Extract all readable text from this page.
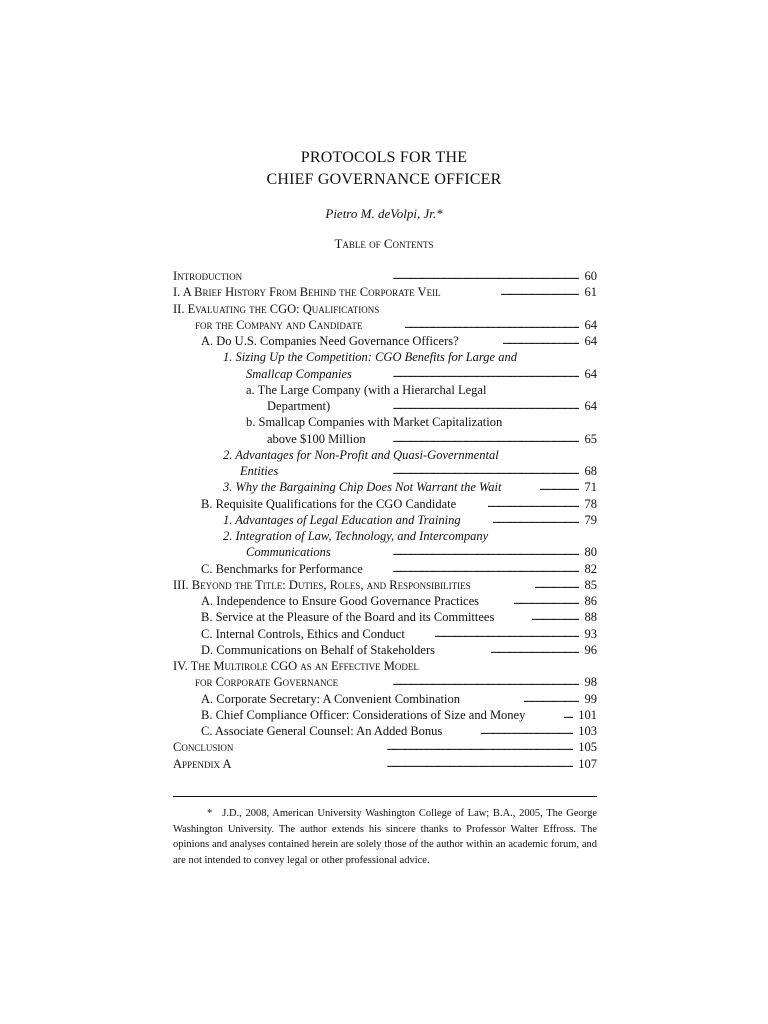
PROTOCOLS FOR THE
CHIEF GOVERNANCE OFFICER
Pietro M. deVolpi, Jr.*
Table of Contents
Introduction . . .	60
I. A Brief History From Behind the Corporate Veil . . .	61
II. Evaluating the CGO: Qualifications
for the Company and Candidate . . .	64
A. Do U.S. Companies Need Governance Officers? . . .	64
1. Sizing Up the Competition: CGO Benefits for Large and
Smallcap Companies . . .	64
a. The Large Company (with a Hierarchal Legal
Department) . . .	64
b. Smallcap Companies with Market Capitalization
above $100 Million . . .	65
2. Advantages for Non-Profit and Quasi-Governmental
Entities . . .	68
3. Why the Bargaining Chip Does Not Warrant the Wait . . .	71
B. Requisite Qualifications for the CGO Candidate . . .	78
1. Advantages of Legal Education and Training . . .	79
2. Integration of Law, Technology, and Intercompany
Communications . . .	80
C. Benchmarks for Performance . . .	82
III. Beyond the Title: Duties, Roles, and Responsibilities . . .	85
A. Independence to Ensure Good Governance Practices . . .	86
B. Service at the Pleasure of the Board and its Committees . . .	88
C. Internal Controls, Ethics and Conduct . . .	93
D. Communications on Behalf of Stakeholders . . .	96
IV. The Multirole CGO as an Effective Model
for Corporate Governance . . .	98
A. Corporate Secretary: A Convenient Combination . . .	99
B. Chief Compliance Officer: Considerations of Size and Money . . .	101
C. Associate General Counsel: An Added Bonus . . .	103
Conclusion . . .	105
Appendix A . . .	107
* J.D., 2008, American University Washington College of Law; B.A., 2005, The George Washington University. The author extends his sincere thanks to Professor Walter Effross. The opinions and analyses contained herein are solely those of the author within an academic forum, and are not intended to convey legal or other professional advice.
